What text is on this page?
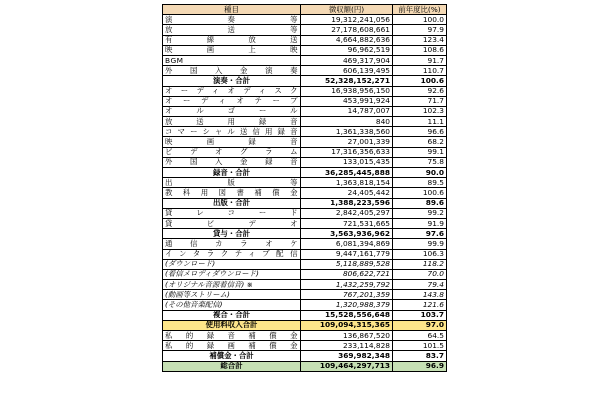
種目	徴収額(円)	前年度比(%)
演奏等	19,312,241,056	100.0
放送等	27,178,608,661	97.9
有線放送	4,664,882,636	123.4
映画上映	96,962,519	108.6
BGM	469,317,904	91.7
外国入金演奏	606,139,495	110.7
演奏・合計	52,328,152,271	100.6
オーディオディスク	16,938,956,150	92.6
オーディオテープ	453,991,924	71.7
オルゴール	14,787,007	102.3
放送用録音	840	11.1
コマーシャル送信用録音	1,361,338,560	96.6
映画録音	27,001,339	68.2
ビデオグラム	17,316,356,633	99.1
外国入金録音	133,015,435	75.8
録音・合計	36,285,445,888	90.0
出版等	1,363,818,154	89.5
教科用図書補償金	24,405,442	100.6
出版・合計	1,388,223,596	89.6
貸レコード	2,842,405,297	99.2
貸ビデオ	721,531,665	91.9
貸与・合計	3,563,936,962	97.6
通信カラオケ	6,081,394,869	99.9
インタラクティブ配信	9,447,161,779	106.3
(ダウンロード)	5,118,889,528	118.2
(着信メロディダウンロード)	806,622,721	70.0
(オリジナル音源着信音) ※	1,432,259,792	79.4
(動画等ストリーム)	767,201,359	143.8
(その他音楽配信)	1,320,988,379	121.6
複合・合計	15,528,556,648	103.7
使用料収入合計	109,094,315,365	97.0
私的録音補償金	136,867,520	64.5
私的録画補償金	233,114,828	101.5
補償金・合計	369,982,348	83.7
総合計	109,464,297,713	96.9
